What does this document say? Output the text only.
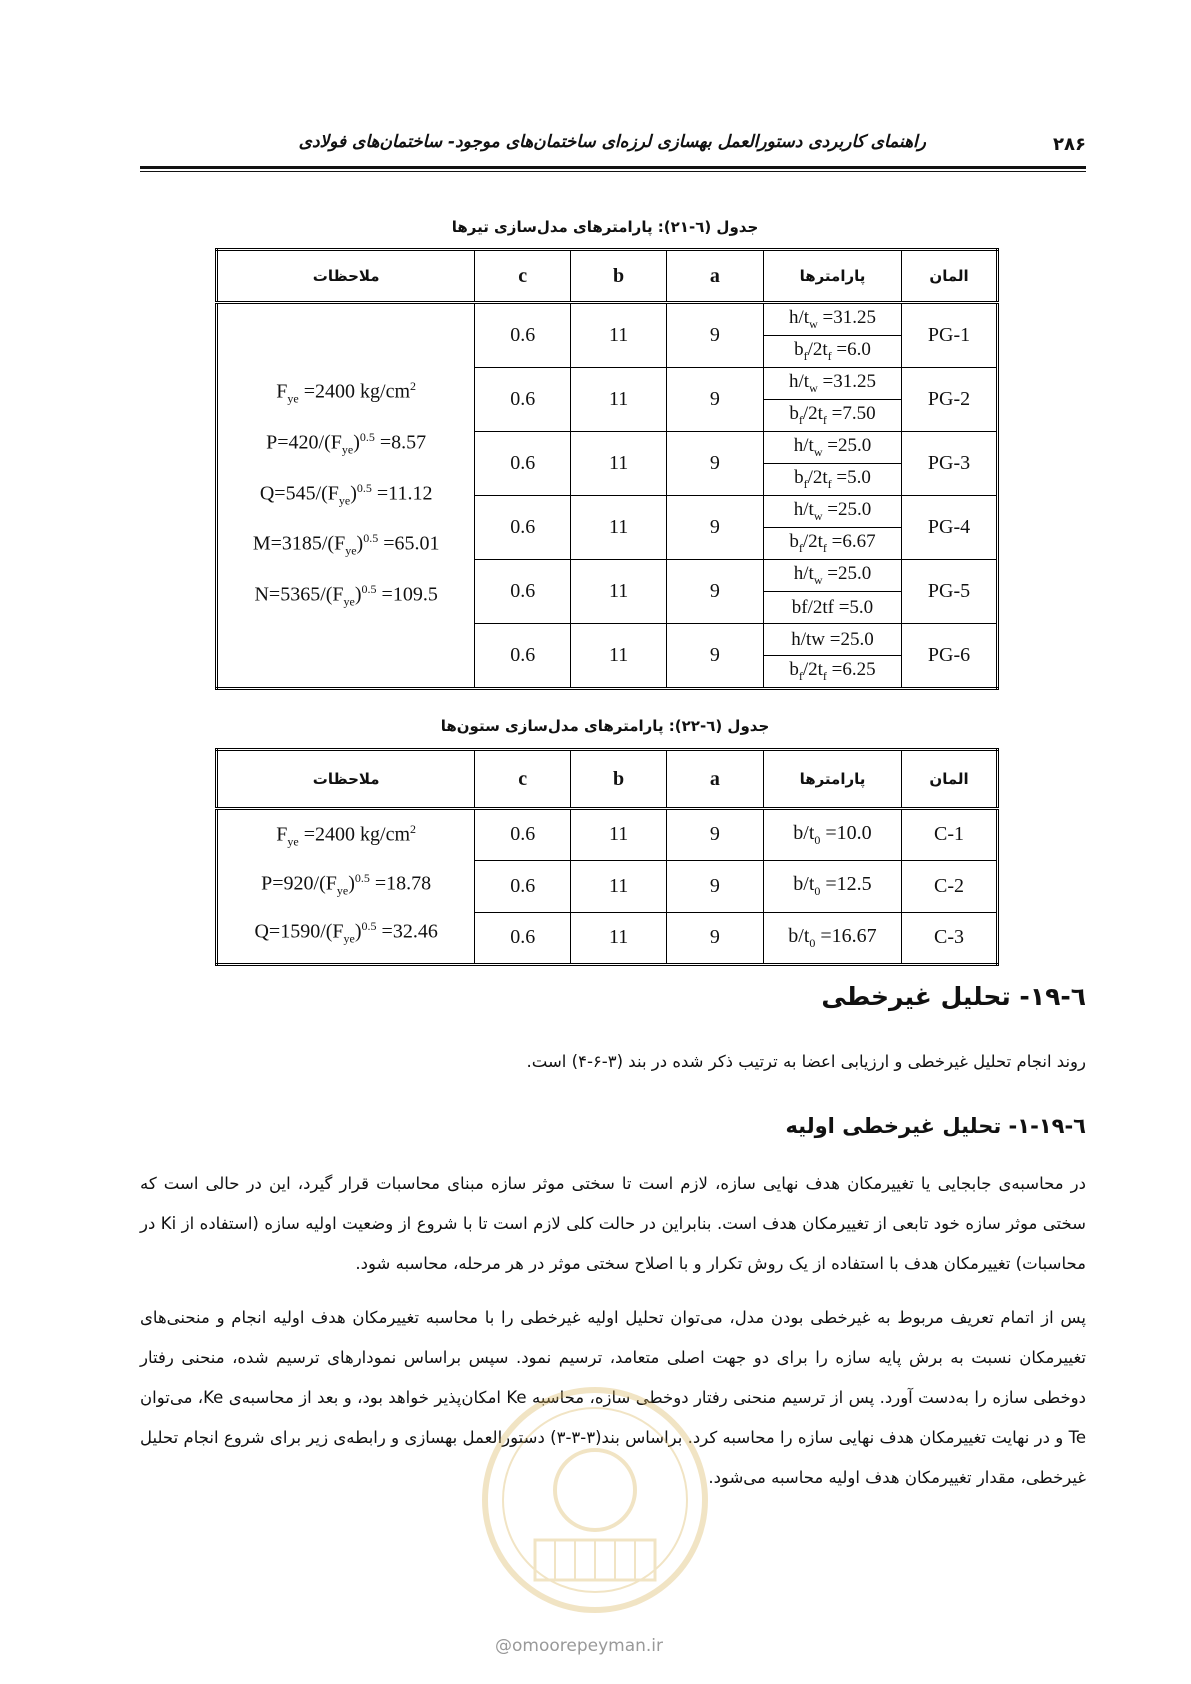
۲۸۶
راهنمای کاربردی دستورالعمل بهسازی لرزه‌ای ساختمان‌های موجود- ساختمان‌های فولادی
جدول (٦-٢١): پارامترهای مدل‌سازی تیرها
ملاحظات	c	b	a	پارامترها	المان

$F_{ye} =2400$ $kg/cm^2$
$P=420/(F_{ye})^{0.5} =8.57$
$Q=545/(F_{ye})^{0.5} =11.12$
$M=3185/(F_{ye})^{0.5} =65.01$
$N=5365/(F_{ye})^{0.5} =109.5$	0.6	11	9	$h/t_w =31.25$	PG-1
				$b_f/2t_f =6.0$	
	0.6	11	9	$h/t_w =31.25$	PG-2
				$b_f/2t_f =7.50$	
	0.6	11	9	$h/t_w =25.0$	PG-3
				$b_f/2t_f =5.0$	
	0.6	11	9	$h/t_w =25.0$	PG-4
				$b_f/2t_f =6.67$	
	0.6	11	9	$h/t_w =25.0$	PG-5
				bf/2tf =5.0	
	0.6	11	9	h/tw =25.0	PG-6
				$b_f/2t_f =6.25$	
جدول (٦-٢٢): پارامترهای مدل‌سازی ستون‌ها
ملاحظات	c	b	a	پارامترها	المان

$F_{ye} =2400$ $kg/cm^2$
$P=920/(F_{ye})^{0.5} =18.78$
$Q=1590/(F_{ye})^{0.5} =32.46$	0.6	11	9	$b/t_0 =10.0$	C-1
	0.6	11	9	$b/t_0 =12.5$	C-2
	0.6	11	9	$b/t_0 =16.67$	C-3
٦-١٩- تحلیل غیرخطی
روند انجام تحلیل غیرخطی و ارزیابی اعضا به ترتیب ذکر شده در بند (٣-۶-۴) است.
٦-١٩-١- تحلیل غیرخطی اولیه
در محاسبه‌ی جابجایی یا تغییرمکان هدف نهایی سازه، لازم است تا سختی موثر سازه مبنای محاسبات قرار گیرد، این در حالی است که سختی موثر سازه خود تابعی از تغییرمکان هدف است. بنابراین در حالت کلی لازم است تا با شروع از وضعیت اولیه سازه (استفاده از Ki در محاسبات) تغییرمکان هدف با استفاده از یک روش تکرار و با اصلاح سختی موثر در هر مرحله، محاسبه شود.
پس از اتمام تعریف مربوط به غیرخطی بودن مدل، می‌توان تحلیل اولیه غیرخطی را با محاسبه تغییرمکان هدف اولیه انجام و منحنی‌های تغییرمکان نسبت به برش پایه سازه را برای دو جهت اصلی متعامد، ترسیم نمود. سپس براساس نمودارهای ترسیم شده، منحنی رفتار دوخطی سازه را به‌دست آورد. پس از ترسیم منحنی رفتار دوخطی سازه، محاسبه Ke امکان‌پذیر خواهد بود، و بعد از محاسبه‌ی Ke، می‌توان Te و در نهایت تغییرمکان هدف نهایی سازه را محاسبه کرد. براساس بند(٣-٣-٣) دستورالعمل بهسازی و رابطه‌ی زیر برای شروع انجام تحلیل غیرخطی، مقدار تغییرمکان هدف اولیه محاسبه می‌شود.
@omoorepeyman.ir
